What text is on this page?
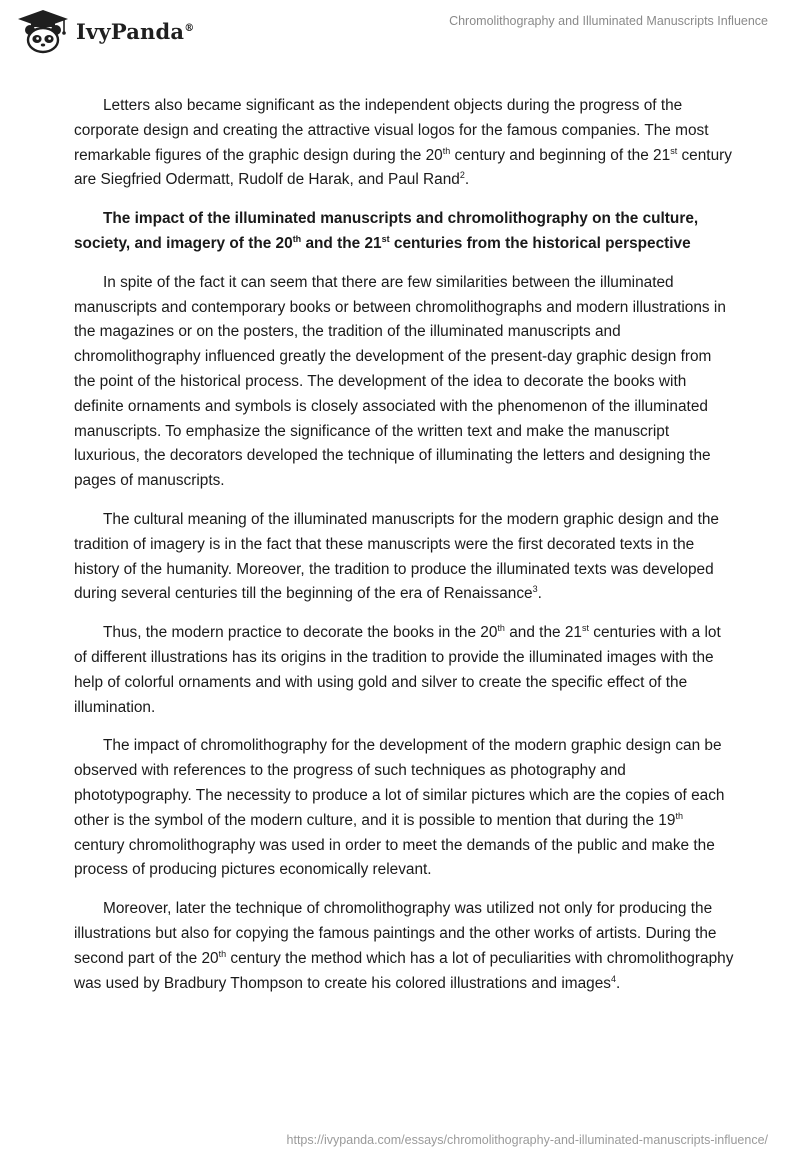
IvyPanda®	Chromolithography and Illuminated Manuscripts Influence

Letters also became significant as the independent objects during the progress of the corporate design and creating the attractive visual logos for the famous companies. The most remarkable figures of the graphic design during the 20th century and beginning of the 21st century are Siegfried Odermatt, Rudolf de Harak, and Paul Rand$^2$.

The impact of the illuminated manuscripts and chromolithography on the culture, society, and imagery of the 20th and the 21st centuries from the historical perspective

In spite of the fact it can seem that there are few similarities between the illuminated manuscripts and contemporary books or between chromolithographs and modern illustrations in the magazines or on the posters, the tradition of the illuminated manuscripts and chromolithography influenced greatly the development of the present-day graphic design from the point of the historical process. The development of the idea to decorate the books with definite ornaments and symbols is closely associated with the phenomenon of the illuminated manuscripts. To emphasize the significance of the written text and make the manuscript luxurious, the decorators developed the technique of illuminating the letters and designing the pages of manuscripts.

The cultural meaning of the illuminated manuscripts for the modern graphic design and the tradition of imagery is in the fact that these manuscripts were the first decorated texts in the history of the humanity. Moreover, the tradition to produce the illuminated texts was developed during several centuries till the beginning of the era of Renaissance$^3$.

Thus, the modern practice to decorate the books in the 20th and the 21st centuries with a lot of different illustrations has its origins in the tradition to provide the illuminated images with the help of colorful ornaments and with using gold and silver to create the specific effect of the illumination.

The impact of chromolithography for the development of the modern graphic design can be observed with references to the progress of such techniques as photography and phototypography. The necessity to produce a lot of similar pictures which are the copies of each other is the symbol of the modern culture, and it is possible to mention that during the 19th century chromolithography was used in order to meet the demands of the public and make the process of producing pictures economically relevant.

Moreover, later the technique of chromolithography was utilized not only for producing the illustrations but also for copying the famous paintings and the other works of artists. During the second part of the 20th century the method which has a lot of peculiarities with chromolithography was used by Bradbury Thompson to create his colored illustrations and images$^4$.

https://ivypanda.com/essays/chromolithography-and-illuminated-manuscripts-influence/
